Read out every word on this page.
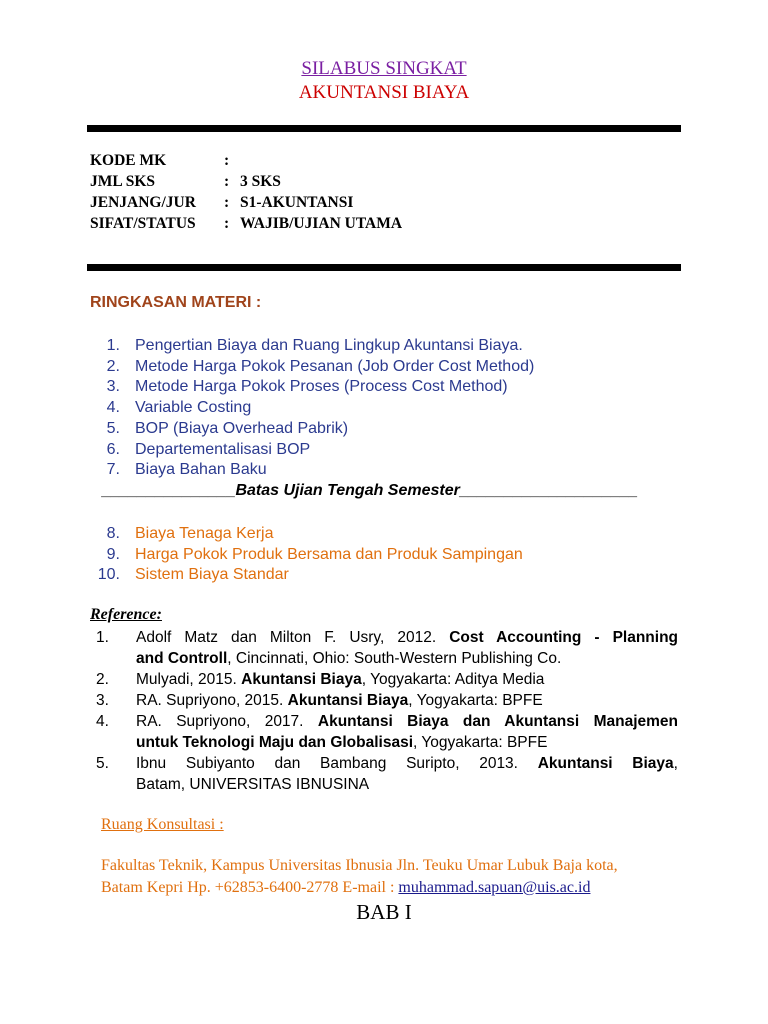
SILABUS SINGKAT
AKUNTANSI BIAYA
KODE MK	:
JML SKS	: 3 SKS
JENJANG/JUR	: S1-AKUNTANSI
SIFAT/STATUS	: WAJIB/UJIAN UTAMA
RINGKASAN MATERI :
1. Pengertian Biaya dan Ruang Lingkup Akuntansi Biaya.
2. Metode Harga Pokok Pesanan (Job Order Cost Method)
3. Metode Harga Pokok Proses (Process Cost Method)
4. Variable Costing
5. BOP (Biaya Overhead Pabrik)
6. Departementalisasi BOP
7. Biaya Bahan Baku
_______________Batas Ujian Tengah Semester____________________
8. Biaya Tenaga Kerja
9. Harga Pokok Produk Bersama dan Produk Sampingan
10. Sistem Biaya Standar
Reference:
1.	Adolf Matz dan Milton F. Usry, 2012. Cost Accounting - Planning
and Controll, Cincinnati, Ohio: South-Western Publishing Co.
2.	Mulyadi, 2015. Akuntansi Biaya, Yogyakarta: Aditya Media
3.	RA. Supriyono, 2015. Akuntansi Biaya, Yogyakarta: BPFE
4.	RA. Supriyono, 2017. Akuntansi Biaya dan Akuntansi Manajemen
untuk Teknologi Maju dan Globalisasi, Yogyakarta: BPFE
5.	Ibnu Subiyanto dan Bambang Suripto, 2013. Akuntansi Biaya,
Batam, UNIVERSITAS IBNUSINA
Ruang Konsultasi :
Fakultas Teknik, Kampus Universitas Ibnusia Jln. Teuku Umar Lubuk Baja kota,
Batam Kepri Hp. +62853-6400-2778 E-mail : muhammad.sapuan@uis.ac.id
BAB I
